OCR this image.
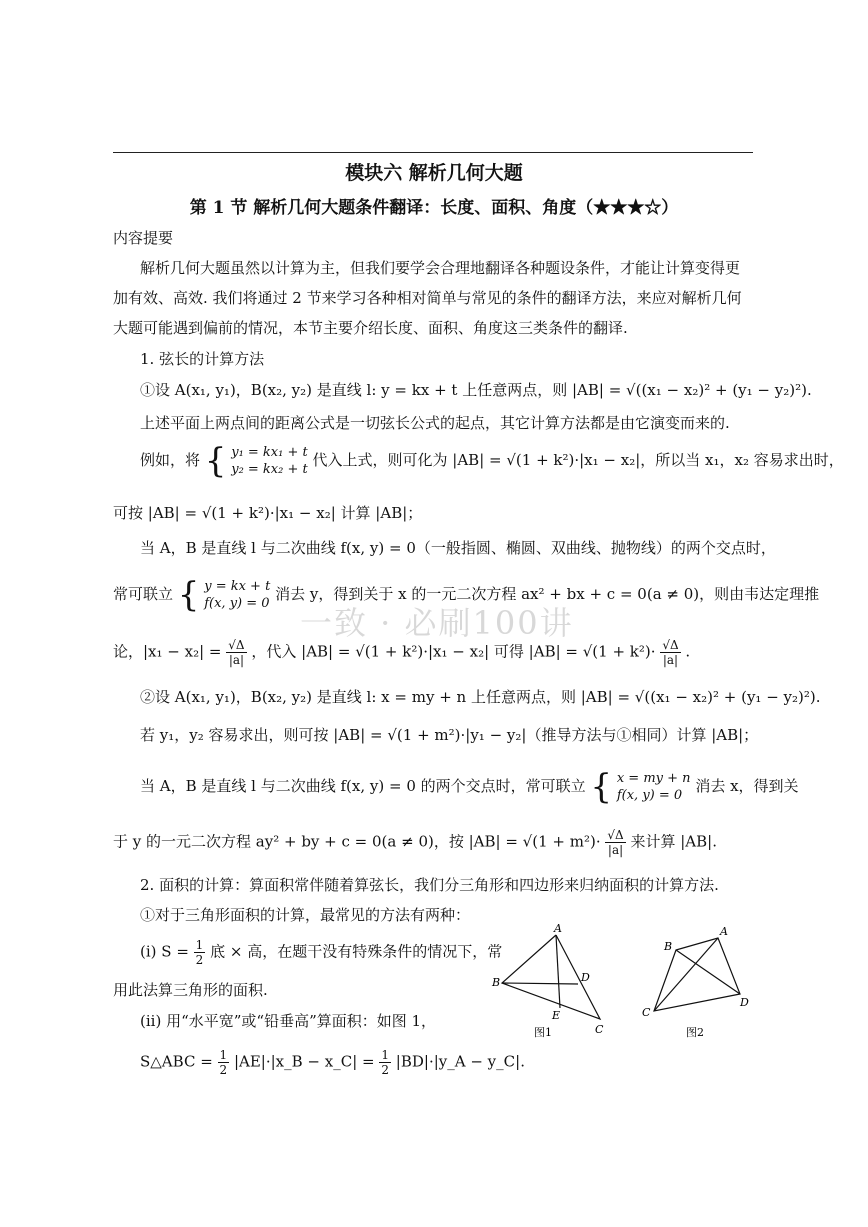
模块六 解析几何大题
第 1 节 解析几何大题条件翻译：长度、面积、角度（★★★☆）
内容提要
解析几何大题虽然以计算为主，但我们要学会合理地翻译各种题设条件，才能让计算变得更
加有效、高效. 我们将通过 2 节来学习各种相对简单与常见的条件的翻译方法，来应对解析几何
大题可能遇到偏前的情况，本节主要介绍长度、面积、角度这三类条件的翻译.
1. 弦长的计算方法
①设 A(x₁, y₁)，B(x₂, y₂) 是直线 l: y = kx + t 上任意两点，则 |AB| = √((x₁ − x₂)² + (y₁ − y₂)²).
上述平面上两点间的距离公式是一切弦长公式的起点，其它计算方法都是由它演变而来的.
例如，将 { y₁ = kx₁ + t
y₂ = kx₂ + t
代入上式，则可化为 |AB| = √(1 + k²)·|x₁ − x₂|，所以当 x₁，x₂ 容易求出时，
可按 |AB| = √(1 + k²)·|x₁ − x₂| 计算 |AB|；
当 A，B 是直线 l 与二次曲线 f(x, y) = 0（一般指圆、椭圆、双曲线、抛物线）的两个交点时，
常可联立 { y = kx + t
f(x, y) = 0
消去 y，得到关于 x 的一元二次方程 ax² + bx + c = 0(a ≠ 0)，则由韦达定理推
一致 · 必刷100讲
论，$|x_1 - x_2| = \frac{√\Delta}{|a|}$ ，代入 |AB| = √(1 + k²)·|x₁ − x₂| 可得 $|AB| = √(1 + k^2)\cdot \frac{√\Delta}{|a|}$ .
②设 A(x₁, y₁)，B(x₂, y₂) 是直线 l: x = my + n 上任意两点，则 |AB| = √((x₁ − x₂)² + (y₁ − y₂)²).
若 y₁，y₂ 容易求出，则可按 |AB| = √(1 + m²)·|y₁ − y₂|（推导方法与①相同）计算 |AB|；
当 A，B 是直线 l 与二次曲线 f(x, y) = 0 的两个交点时，常可联立 { x = my + n
f(x, y) = 0
消去 x，得到关
于 y 的一元二次方程 ay² + by + c = 0(a ≠ 0)，按 $|AB| = √(1 + m^2)\cdot \frac{√\Delta}{|a|}$ 来计算 |AB|.
2. 面积的计算：算面积常伴随着算弦长，我们分三角形和四边形来归纳面积的计算方法.
①对于三角形面积的计算，最常见的方法有两种：
(i) $S = \frac{1}{2}$ 底 × 高，在题干没有特殊条件的情况下，常
用此法算三角形的面积.
(ii) 用“水平宽”或“铅垂高”算面积：如图 1，
S△ABC = $\frac{1}{2}$ |AE|·|x_B − x_C| = $\frac{1}{2}$ |BD|·|y_A − y_C|.
A
B
C
D
E
图1
A
B
C
D
图2
